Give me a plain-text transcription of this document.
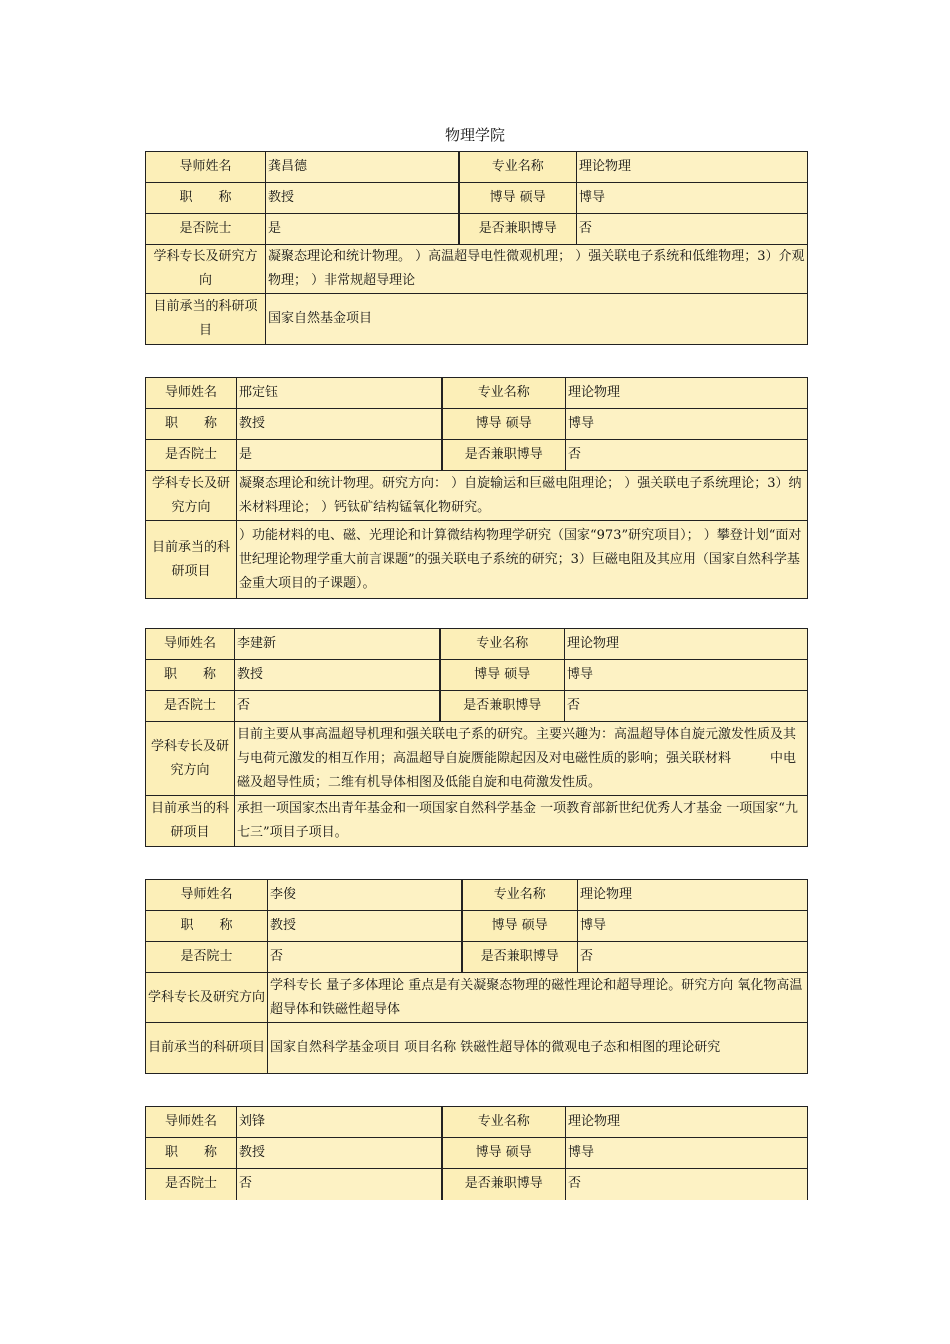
物理学院
导师姓名	龚昌德	专业名称	理论物理
职　　称	教授	博导 硕导	博导
是否院士	是	是否兼职博导	否
学科专长及研究方向	凝聚态理论和统计物理。 ）高温超导电性微观机理； ）强关联电子系统和低维物理；3）介观物理； ）非常规超导理论		
目前承当的科研项目	国家自然基金项目		
导师姓名	邢定钰	专业名称	理论物理
职　　称	教授	博导 硕导	博导
是否院士	是	是否兼职博导	否
学科专长及研究方向	凝聚态理论和统计物理。研究方向： ）自旋输运和巨磁电阻理论； ）强关联电子系统理论；3）纳米材料理论； ）钙钛矿结构锰氧化物研究。		
目前承当的科研项目	）功能材料的电、磁、光理论和计算微结构物理学研究（国家“973”研究项目）； ）攀登计划“面对　 世纪理论物理学重大前言课题”的强关联电子系统的研究；3）巨磁电阻及其应用（国家自然科学基金重大项目的子课题）。		
导师姓名	李建新	专业名称	理论物理
职　　称	教授	博导 硕导	博导
是否院士	否	是否兼职博导	否
学科专长及研究方向	目前主要从事高温超导机理和强关联电子系的研究。主要兴趣为：高温超导体自旋元激发性质及其与电荷元激发的相互作用；高温超导自旋赝能隙起因及对电磁性质的影响；强关联材料　　　中电磁及超导性质；二维有机导体相图及低能自旋和电荷激发性质。		
目前承当的科研项目	承担一项国家杰出青年基金和一项国家自然科学基金 一项教育部新世纪优秀人才基金 一项国家“九七三”项目子项目。		
导师姓名	李俊	专业名称	理论物理
职　　称	教授	博导 硕导	博导
是否院士	否	是否兼职博导	否
学科专长及研究方向	学科专长 量子多体理论 重点是有关凝聚态物理的磁性理论和超导理论。研究方向 氧化物高温超导体和铁磁性超导体		
目前承当的科研项目	国家自然科学基金项目 项目名称 铁磁性超导体的微观电子态和相图的理论研究		
导师姓名	刘锋	专业名称	理论物理
职　　称	教授	博导 硕导	博导
是否院士	否	是否兼职博导	否
